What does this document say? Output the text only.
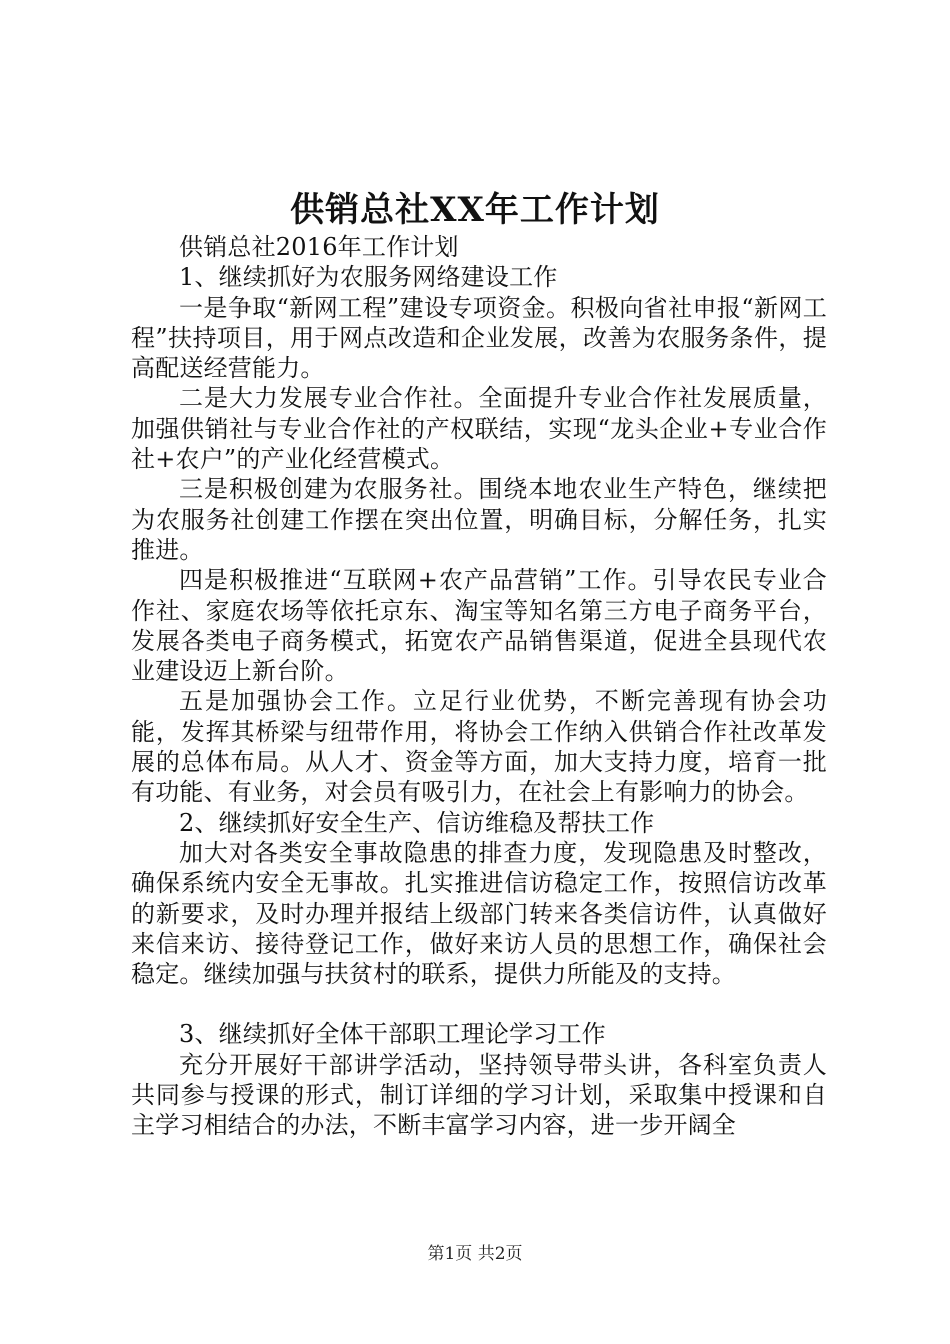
供销总社XX年工作计划

供销总社2016年工作计划

1、继续抓好为农服务网络建设工作

一是争取“新网工程”建设专项资金。积极向省社申报“新网工程”扶持项目，用于网点改造和企业发展，改善为农服务条件，提高配送经营能力。

二是大力发展专业合作社。全面提升专业合作社发展质量，加强供销社与专业合作社的产权联结，实现“龙头企业+专业合作社+农户”的产业化经营模式。

三是积极创建为农服务社。围绕本地农业生产特色，继续把为农服务社创建工作摆在突出位置，明确目标，分解任务，扎实推进。

四是积极推进“互联网+农产品营销”工作。引导农民专业合作社、家庭农场等依托京东、淘宝等知名第三方电子商务平台，发展各类电子商务模式，拓宽农产品销售渠道，促进全县现代农业建设迈上新台阶。

五是加强协会工作。立足行业优势，不断完善现有协会功能，发挥其桥梁与纽带作用，将协会工作纳入供销合作社改革发展的总体布局。从人才、资金等方面，加大支持力度，培育一批有功能、有业务，对会员有吸引力，在社会上有影响力的协会。

2、继续抓好安全生产、信访维稳及帮扶工作

加大对各类安全事故隐患的排查力度，发现隐患及时整改，确保系统内安全无事故。扎实推进信访稳定工作，按照信访改革的新要求，及时办理并报结上级部门转来各类信访件，认真做好来信来访、接待登记工作，做好来访人员的思想工作，确保社会稳定。继续加强与扶贫村的联系，提供力所能及的支持。

3、继续抓好全体干部职工理论学习工作

充分开展好干部讲学活动，坚持领导带头讲，各科室负责人共同参与授课的形式，制订详细的学习计划，采取集中授课和自主学习相结合的办法，不断丰富学习内容，进一步开阔全

第1页 共2页
